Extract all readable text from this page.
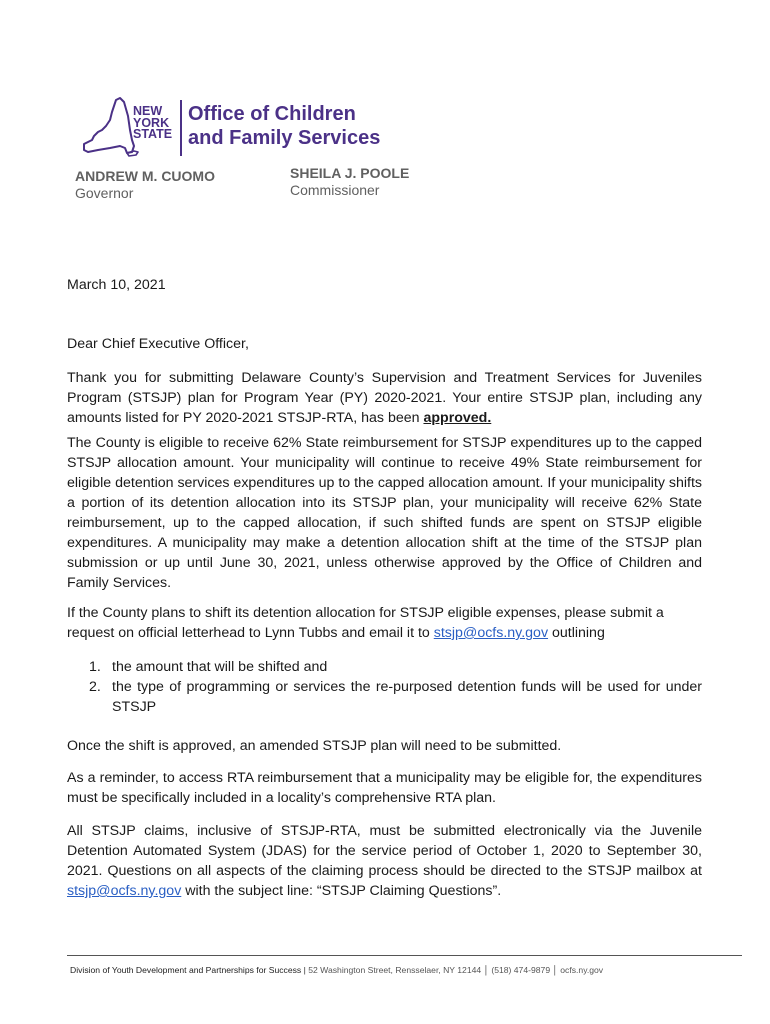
NEW
YORK
STATE
Office of Children
and Family Services
ANDREW M. CUOMO
Governor
SHEILA J. POOLE
Commissioner
March 10, 2021
Dear Chief Executive Officer,
Thank you for submitting Delaware County’s Supervision and Treatment Services for Juveniles Program (STSJP) plan for Program Year (PY) 2020-2021. Your entire STSJP plan, including any amounts listed for PY 2020-2021 STSJP-RTA, has been approved.
The County is eligible to receive 62% State reimbursement for STSJP expenditures up to the capped STSJP allocation amount. Your municipality will continue to receive 49% State reimbursement for eligible detention services expenditures up to the capped allocation amount. If your municipality shifts a portion of its detention allocation into its STSJP plan, your municipality will receive 62% State reimbursement, up to the capped allocation, if such shifted funds are spent on STSJP eligible expenditures. A municipality may make a detention allocation shift at the time of the STSJP plan submission or up until June 30, 2021, unless otherwise approved by the Office of Children and Family Services.
If the County plans to shift its detention allocation for STSJP eligible expenses, please submit a request on official letterhead to Lynn Tubbs and email it to stsjp@ocfs.ny.gov outlining
1. the amount that will be shifted and
2. the type of programming or services the re-purposed detention funds will be used for under STSJP
Once the shift is approved, an amended STSJP plan will need to be submitted.
As a reminder, to access RTA reimbursement that a municipality may be eligible for, the expenditures must be specifically included in a locality’s comprehensive RTA plan.
All STSJP claims, inclusive of STSJP-RTA, must be submitted electronically via the Juvenile Detention Automated System (JDAS) for the service period of October 1, 2020 to September 30, 2021. Questions on all aspects of the claiming process should be directed to the STSJP mailbox at stsjp@ocfs.ny.gov with the subject line: “STSJP Claiming Questions”.
Division of Youth Development and Partnerships for Success | 52 Washington Street, Rensselaer, NY 12144 │ (518) 474-9879 │ ocfs.ny.gov
